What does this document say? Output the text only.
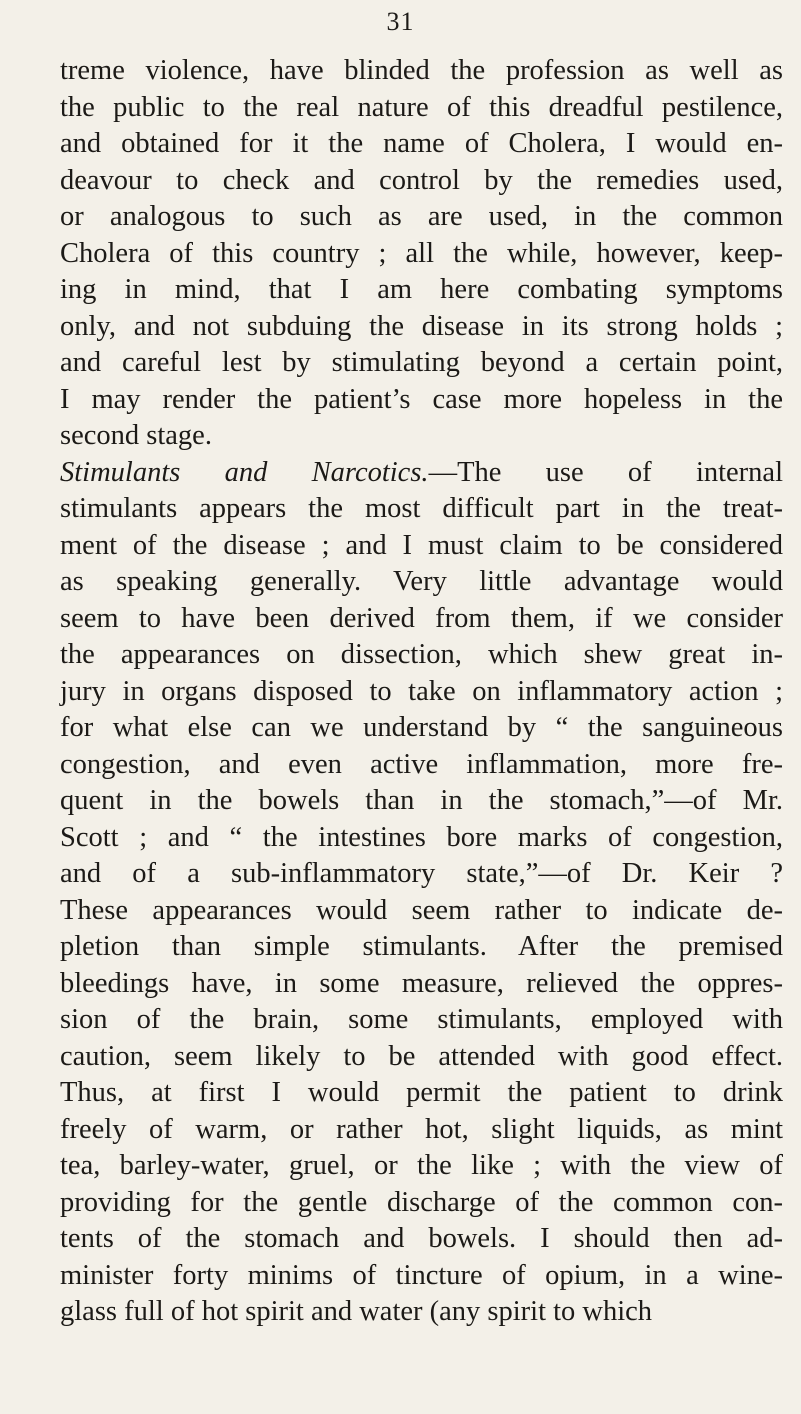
31
treme violence, have blinded the profession as well as
the public to the real nature of this dreadful pestilence,
and obtained for it the name of Cholera, I would en-
deavour to check and control by the remedies used,
or analogous to such as are used, in the common
Cholera of this country ; all the while, however, keep-
ing in mind, that I am here combating symptoms
only, and not subduing the disease in its strong holds ;
and careful lest by stimulating beyond a certain point,
I may render the patient’s case more hopeless in the
second stage.
Stimulants and Narcotics.—The use of internal
stimulants appears the most difficult part in the treat-
ment of the disease ; and I must claim to be considered
as speaking generally. Very little advantage would
seem to have been derived from them, if we consider
the appearances on dissection, which shew great in-
jury in organs disposed to take on inflammatory action ;
for what else can we understand by “ the sanguineous
congestion, and even active inflammation, more fre-
quent in the bowels than in the stomach,”—of Mr.
Scott ; and “ the intestines bore marks of congestion,
and of a sub-inflammatory state,”—of Dr. Keir ?
These appearances would seem rather to indicate de-
pletion than simple stimulants. After the premised
bleedings have, in some measure, relieved the oppres-
sion of the brain, some stimulants, employed with
caution, seem likely to be attended with good effect.
Thus, at first I would permit the patient to drink
freely of warm, or rather hot, slight liquids, as mint
tea, barley-water, gruel, or the like ; with the view of
providing for the gentle discharge of the common con-
tents of the stomach and bowels. I should then ad-
minister forty minims of tincture of opium, in a wine-
glass full of hot spirit and water (any spirit to which
